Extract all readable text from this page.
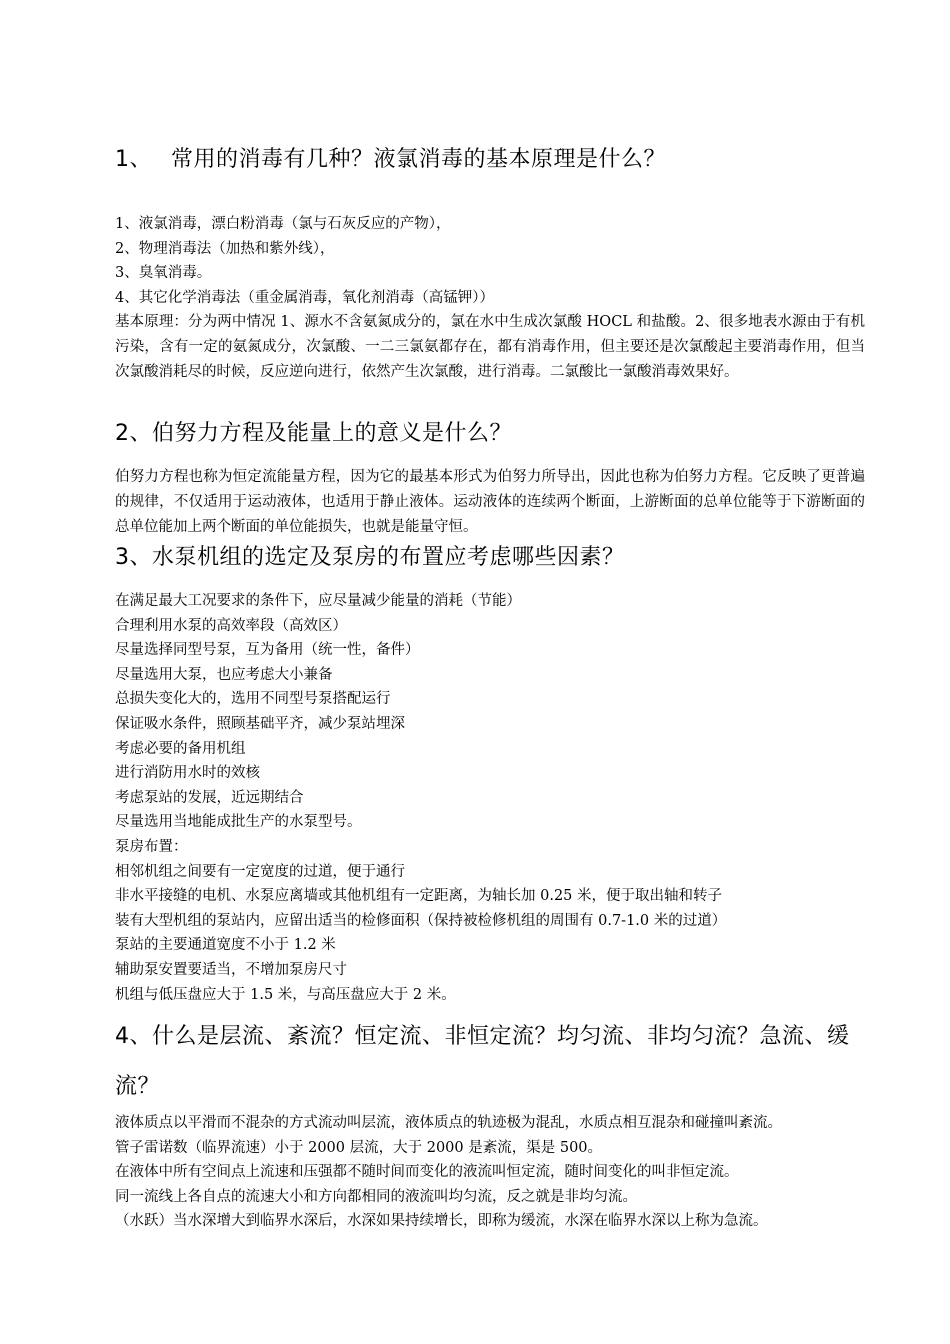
1、 常用的消毒有几种？液氯消毒的基本原理是什么？

1、液氯消毒，漂白粉消毒（氯与石灰反应的产物），

2、物理消毒法（加热和紫外线），

3、臭氧消毒。

4、其它化学消毒法（重金属消毒，氧化剂消毒（高锰钾））

基本原理：分为两中情况 1、源水不含氨氮成分的，氯在水中生成次氯酸 HOCL 和盐酸。2、很多地表水源由于有机污染，含有一定的氨氮成分，次氯酸、一二三氯氨都存在，都有消毒作用，但主要还是次氯酸起主要消毒作用，但当次氯酸消耗尽的时候，反应逆向进行，依然产生次氯酸，进行消毒。二氯酸比一氯酸消毒效果好。

2、伯努力方程及能量上的意义是什么？

伯努力方程也称为恒定流能量方程，因为它的最基本形式为伯努力所导出，因此也称为伯努力方程。它反映了更普遍的规律，不仅适用于运动液体，也适用于静止液体。运动液体的连续两个断面，上游断面的总单位能等于下游断面的总单位能加上两个断面的单位能损失，也就是能量守恒。

3、水泵机组的选定及泵房的布置应考虑哪些因素？

在满足最大工况要求的条件下，应尽量减少能量的消耗（节能）

合理利用水泵的高效率段（高效区）

尽量选择同型号泵，互为备用（统一性，备件）

尽量选用大泵，也应考虑大小兼备

总损失变化大的，选用不同型号泵搭配运行

保证吸水条件，照顾基础平齐，减少泵站埋深

考虑必要的备用机组

进行消防用水时的效核

考虑泵站的发展，近远期结合

尽量选用当地能成批生产的水泵型号。

泵房布置：

相邻机组之间要有一定宽度的过道，便于通行

非水平接缝的电机、水泵应离墙或其他机组有一定距离，为轴长加 0.25 米，便于取出轴和转子

装有大型机组的泵站内，应留出适当的检修面积（保持被检修机组的周围有 0.7-1.0 米的过道）

泵站的主要通道宽度不小于 1.2 米

辅助泵安置要适当，不增加泵房尺寸

机组与低压盘应大于 1.5 米，与高压盘应大于 2 米。

4、什么是层流、紊流？恒定流、非恒定流？均匀流、非均匀流？急流、缓流？

液体质点以平滑而不混杂的方式流动叫层流，液体质点的轨迹极为混乱，水质点相互混杂和碰撞叫紊流。

管子雷诺数（临界流速）小于 2000 层流，大于 2000 是紊流，渠是 500。

在液体中所有空间点上流速和压强都不随时间而变化的液流叫恒定流，随时间变化的叫非恒定流。

同一流线上各自点的流速大小和方向都相同的液流叫均匀流，反之就是非均匀流。

（水跃）当水深增大到临界水深后，水深如果持续增长，即称为缓流，水深在临界水深以上称为急流。
